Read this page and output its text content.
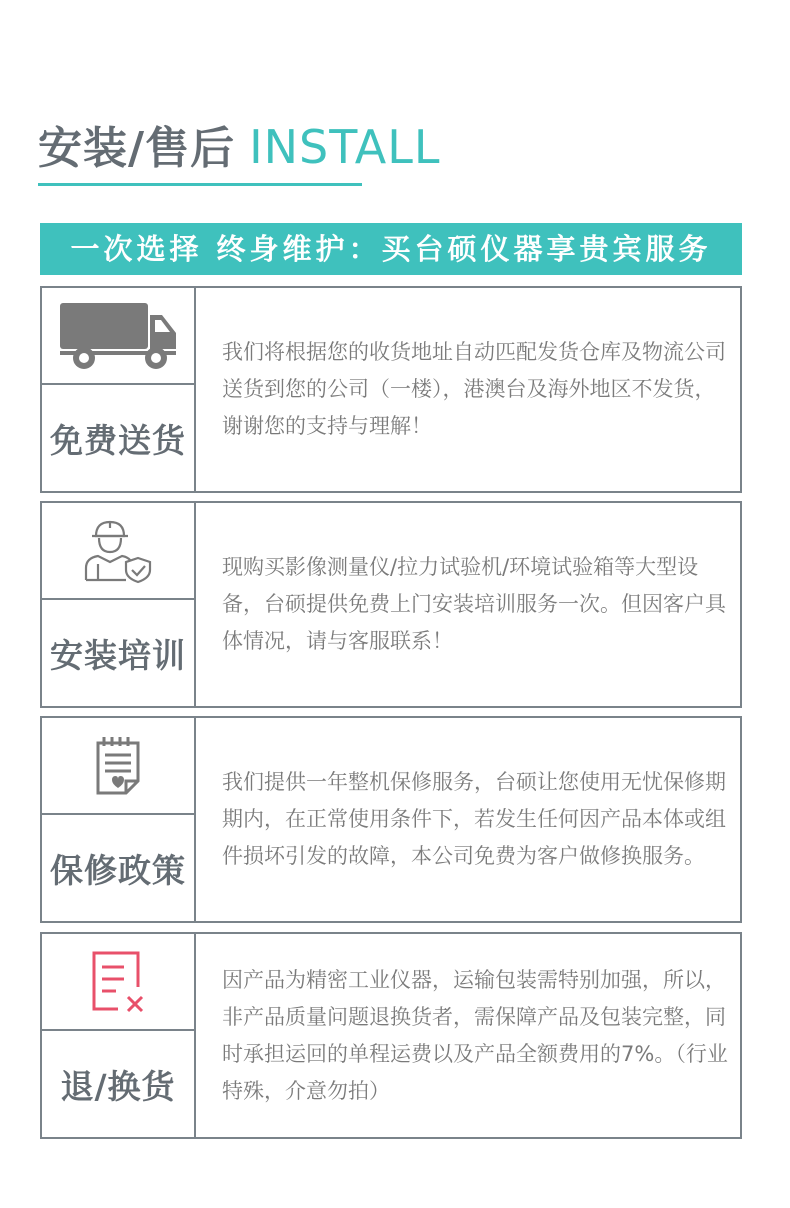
安装/售后 INSTALL
一次选择 终身维护：买台硕仪器享贵宾服务
免费送货
我们将根据您的收货地址自动匹配发货仓库及物流公司送货到您的公司（一楼），港澳台及海外地区不发货，谢谢您的支持与理解！
安装培训
现购买影像测量仪/拉力试验机/环境试验箱等大型设备，台硕提供免费上门安装培训服务一次。但因客户具体情况，请与客服联系！
保修政策
我们提供一年整机保修服务，台硕让您使用无忧保修期期内，在正常使用条件下，若发生任何因产品本体或组件损坏引发的故障，本公司免费为客户做修换服务。
退/换货
因产品为精密工业仪器，运输包装需特别加强，所以，非产品质量问题退换货者，需保障产品及包装完整，同时承担运回的单程运费以及产品全额费用的7%。（行业特殊，介意勿拍）
